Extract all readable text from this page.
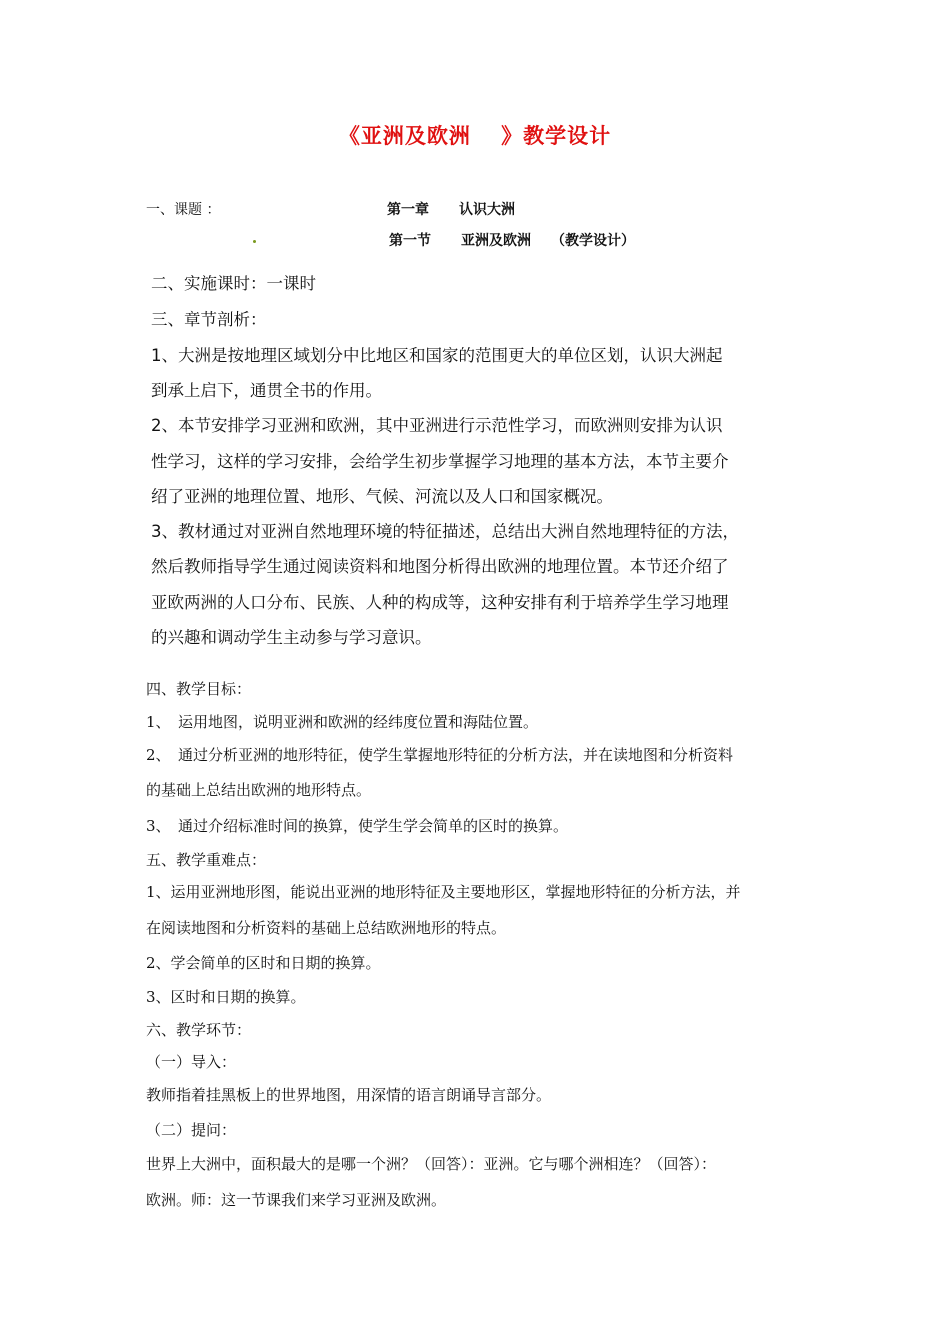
《亚洲及欧洲　 》教学设计
一、课题 ：	第一章 认识大洲
第一节 亚洲及欧洲 （教学设计）
二、实施课时：一课时
三、章节剖析：
1、大洲是按地理区域划分中比地区和国家的范围更大的单位区划，认识大洲起
到承上启下，通贯全书的作用。
2、本节安排学习亚洲和欧洲，其中亚洲进行示范性学习，而欧洲则安排为认识
性学习，这样的学习安排，会给学生初步掌握学习地理的基本方法，本节主要介
绍了亚洲的地理位置、地形、气候、河流以及人口和国家概况。
3、教材通过对亚洲自然地理环境的特征描述，总结出大洲自然地理特征的方法，
然后教师指导学生通过阅读资料和地图分析得出欧洲的地理位置。本节还介绍了
亚欧两洲的人口分布、民族、人种的构成等，这种安排有利于培养学生学习地理
的兴趣和调动学生主动参与学习意识。
四、教学目标：
1、　运用地图，说明亚洲和欧洲的经纬度位置和海陆位置。
2、　通过分析亚洲的地形特征，使学生掌握地形特征的分析方法，并在读地图和分析资料
的基础上总结出欧洲的地形特点。
3、　通过介绍标准时间的换算，使学生学会简单的区时的换算。
五、教学重难点：
1、运用亚洲地形图，能说出亚洲的地形特征及主要地形区，掌握地形特征的分析方法，并
在阅读地图和分析资料的基础上总结欧洲地形的特点。
2、学会简单的区时和日期的换算。
3、区时和日期的换算。
六、教学环节：
（一）导入：
教师指着挂黑板上的世界地图，用深情的语言朗诵导言部分。
（二）提问：
世界上大洲中，面积最大的是哪一个洲？（回答）：亚洲。它与哪个洲相连？（回答）：
欧洲。师：这一节课我们来学习亚洲及欧洲。
